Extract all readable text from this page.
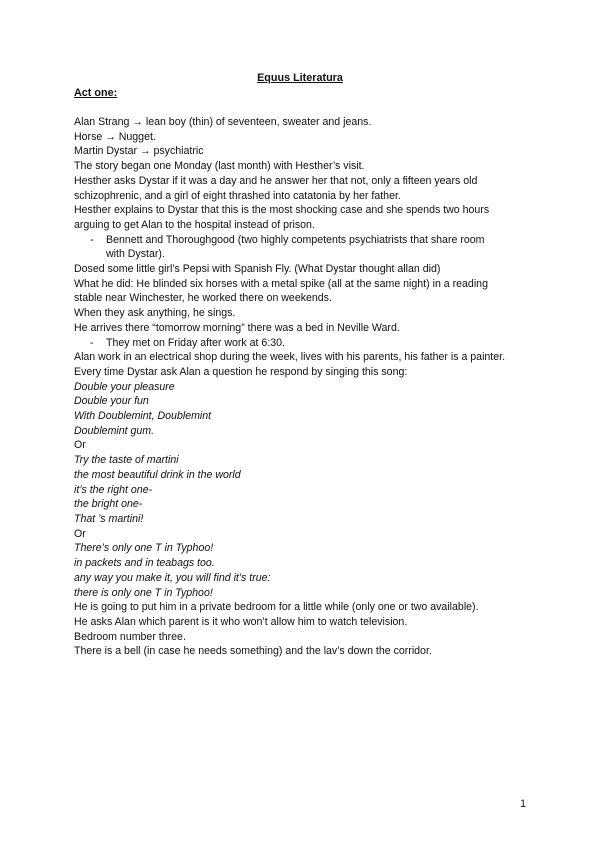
Equus Literatura
Act one:
Alan Strang → lean boy (thin) of seventeen, sweater and jeans.
Horse → Nugget.
Martin Dystar → psychiatric
The story began one Monday (last month) with Hesther’s visit.
Hesther asks Dystar if it was a day and he answer her that not, only a fifteen years old
schizophrenic, and a girl of eight thrashed into catatonia by her father.
Hesther explains to Dystar that this is the most shocking case and she spends two hours
arguing to get Alan to the hospital instead of prison.
- Bennett and Thoroughgood (two highly competents psychiatrists that share room
with Dystar).
Dosed some little girl’s Pepsi with Spanish Fly. (What Dystar thought allan did)
What he did: He blinded six horses with a metal spike (all at the same night) in a reading
stable near Winchester, he worked there on weekends.
When they ask anything, he sings.
He arrives there “tomorrow morning” there was a bed in Neville Ward.
- They met on Friday after work at 6:30.
Alan work in an electrical shop during the week, lives with his parents, his father is a painter.
Every time Dystar ask Alan a question he respond by singing this song:
Double your pleasure
Double your fun
With Doublemint, Doublemint
Doublemint gum.
Or
Try the taste of martini
the most beautiful drink in the world
it’s the right one-
the bright one-
That ’s martini!
Or
There’s only one T in Typhoo!
in packets and in teabags too.
any way you make it, you will find it’s true:
there is only one T in Typhoo!
He is going to put him in a private bedroom for a little while (only one or two available).
He asks Alan which parent is it who won’t allow him to watch television.
Bedroom number three.
There is a bell (in case he needs something) and the lav’s down the corridor.
1
